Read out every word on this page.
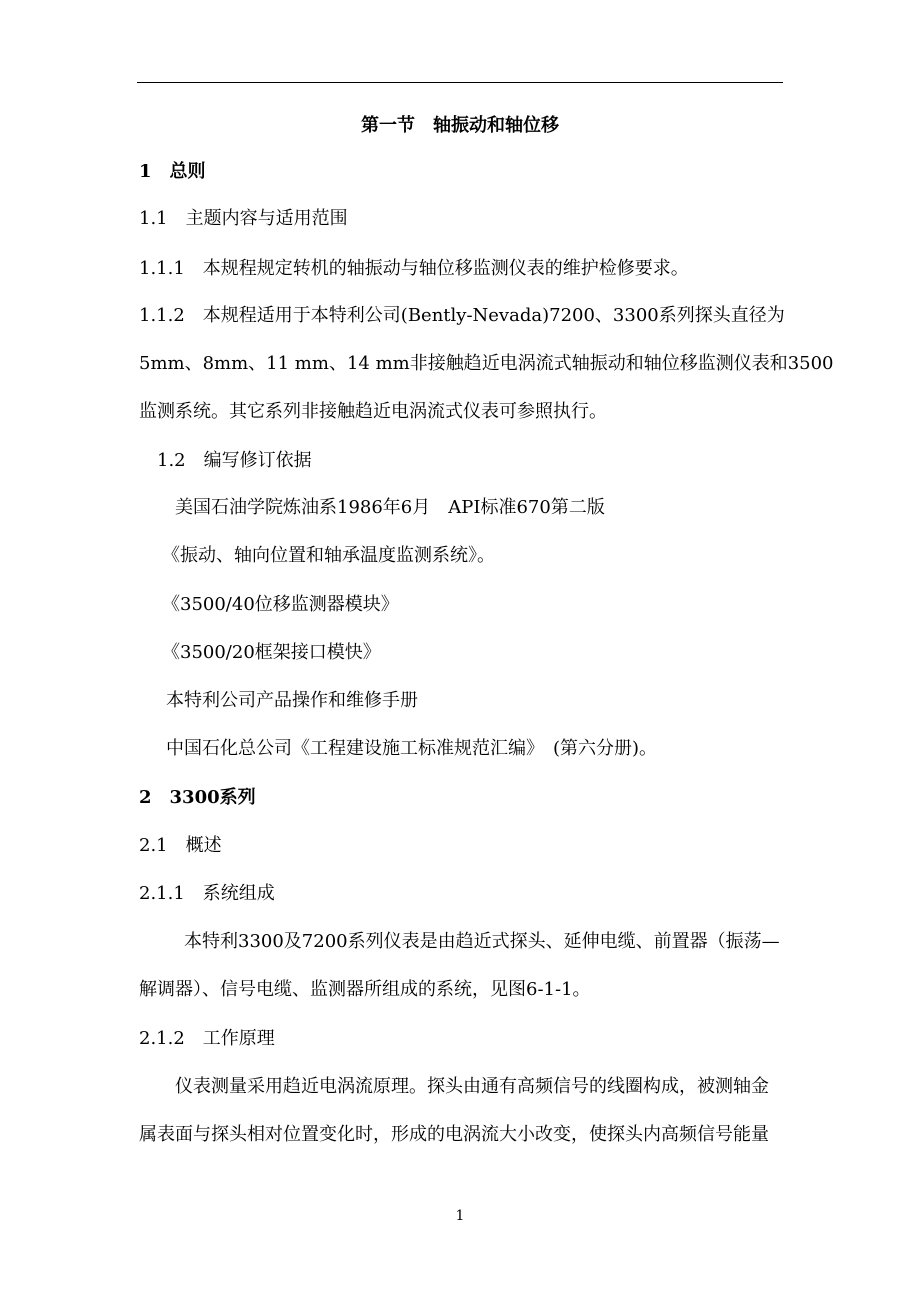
第一节　轴振动和轴位移
1　总则
1.1　主题内容与适用范围
1.1.1　本规程规定转机的轴振动与轴位移监测仪表的维护检修要求。
1.1.2　本规程适用于本特利公司(Bently-Nevada)7200、3300系列探头直径为
5mm、8mm、11 mm、14 mm非接触趋近电涡流式轴振动和轴位移监测仪表和3500
监测系统。其它系列非接触趋近电涡流式仪表可参照执行。
1.2　编写修订依据
美国石油学院炼油系1986年6月　API标准670第二版
《振动、轴向位置和轴承温度监测系统》。
《3500/40位移监测器模块》
《3500/20框架接口模快》
本特利公司产品操作和维修手册
中国石化总公司《工程建设施工标准规范汇编》　(第六分册)。
2　3300系列
2.1　概述
2.1.1　系统组成
本特利3300及7200系列仪表是由趋近式探头、延伸电缆、前置器（振荡—
解调器）、信号电缆、监测器所组成的系统，见图6-1-1。
2.1.2　工作原理
仪表测量采用趋近电涡流原理。探头由通有高频信号的线圈构成，被测轴金
属表面与探头相对位置变化时，形成的电涡流大小改变，使探头内高频信号能量
1
